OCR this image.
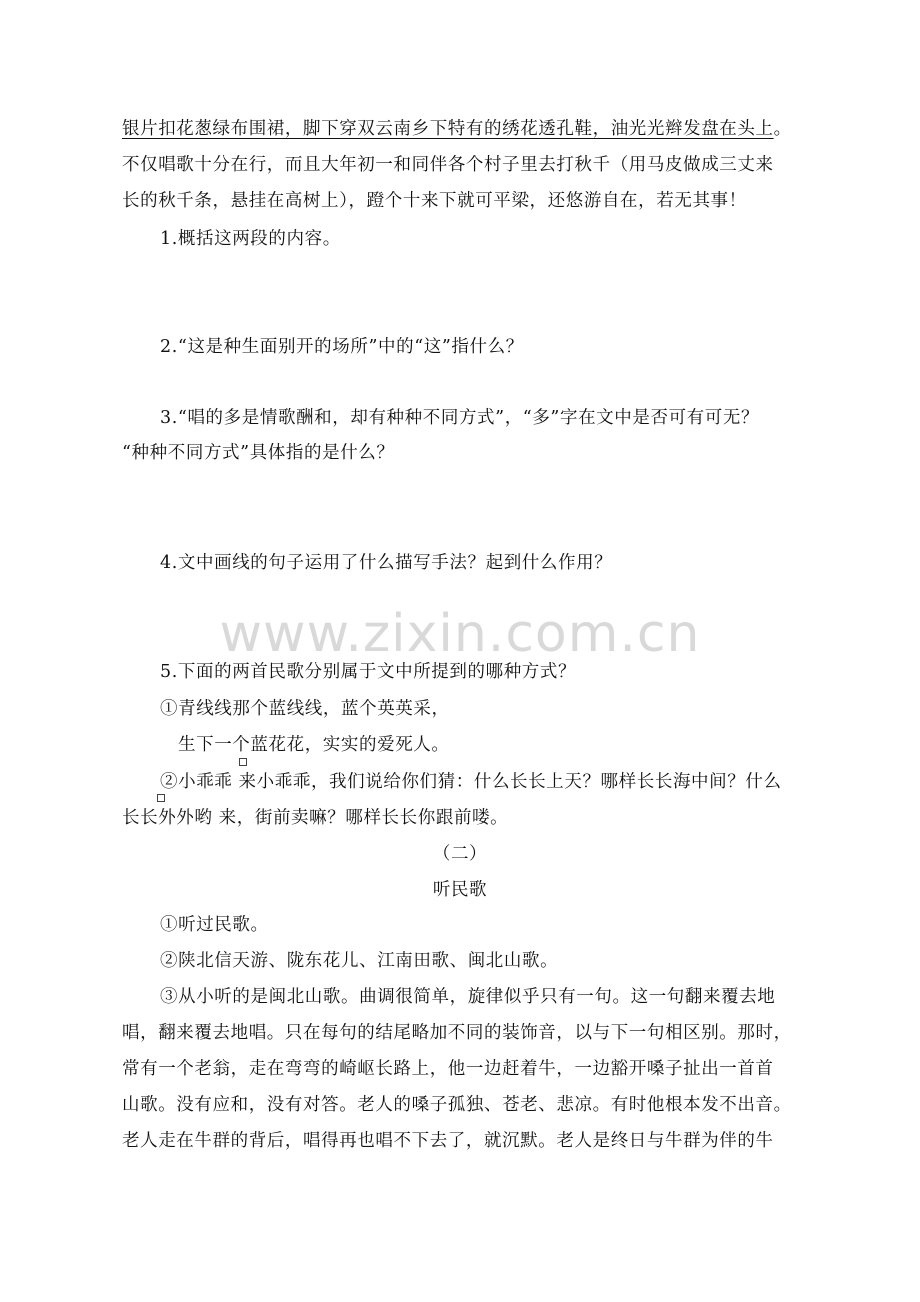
银片扣花葱绿布围裙，脚下穿双云南乡下特有的绣花透孔鞋，油光光辫发盘在头上。
不仅唱歌十分在行，而且大年初一和同伴各个村子里去打秋千（用马皮做成三丈来
长的秋千条，悬挂在高树上），蹬个十来下就可平梁，还悠游自在，若无其事！
1.概括这两段的内容。
2.“这是种生面别开的场所”中的“这”指什么？
3.“唱的多是情歌酬和，却有种种不同方式”，“多”字在文中是否可有可无？
“种种不同方式”具体指的是什么？
4.文中画线的句子运用了什么描写手法？起到什么作用？
www.zixin.com.cn
5.下面的两首民歌分别属于文中所提到的哪种方式？
①青线线那个蓝线线，蓝个英英采，
生下一个蓝花花，实实的爱死人。
②小乖乖 来小乖乖，我们说给你们猜：什么长长上天？哪样长长海中间？什么
长长外外哟 来，街前卖嘛？哪样长长你跟前喽。
（二）
听民歌
①听过民歌。
②陕北信天游、陇东花儿、江南田歌、闽北山歌。
③从小听的是闽北山歌。曲调很简单，旋律似乎只有一句。这一句翻来覆去地
唱，翻来覆去地唱。只在每句的结尾略加不同的装饰音，以与下一句相区别。那时，
常有一个老翁，走在弯弯的崎岖长路上，他一边赶着牛，一边豁开嗓子扯出一首首
山歌。没有应和，没有对答。老人的嗓子孤独、苍老、悲凉。有时他根本发不出音。
老人走在牛群的背后，唱得再也唱不下去了，就沉默。老人是终日与牛群为伴的牛
